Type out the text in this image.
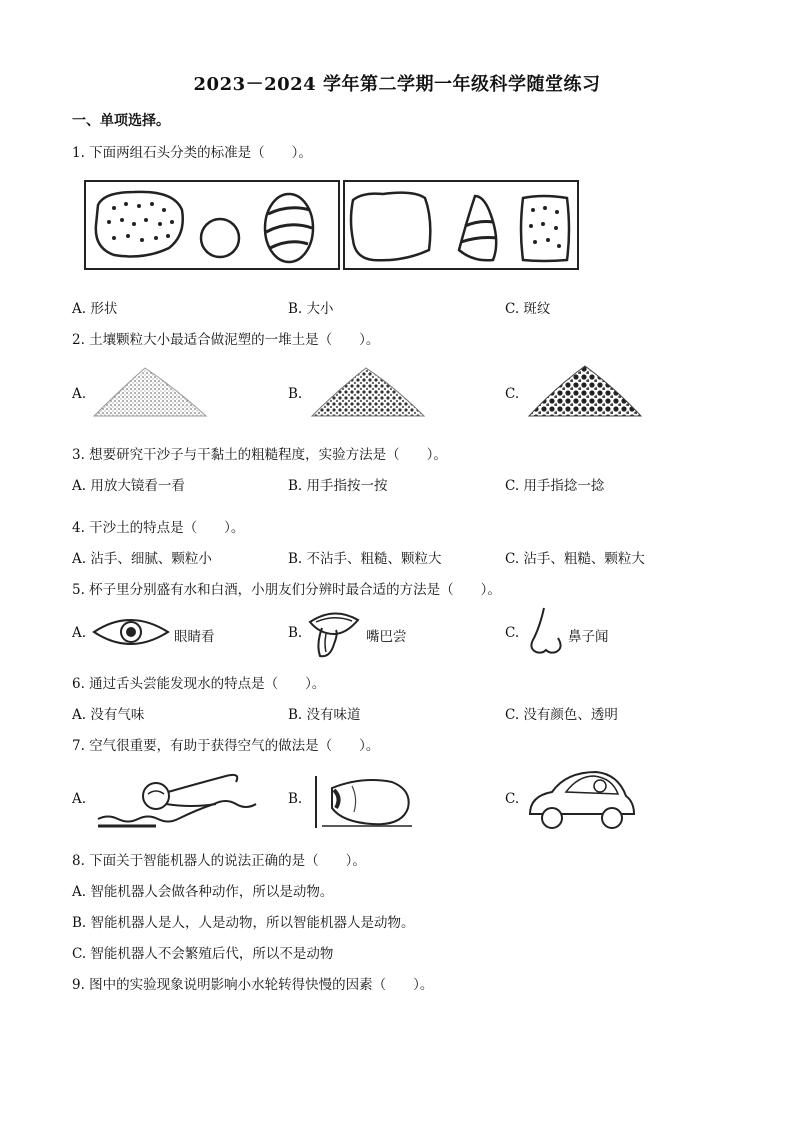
2023－2024 学年第二学期一年级科学随堂练习
一、单项选择。
1. 下面两组石头分类的标准是（　　）。
A. 形状	B. 大小	C. 斑纹
2. 土壤颗粒大小最适合做泥塑的一堆土是（　　）。
A.	B.	C.
3. 想要研究干沙子与干黏土的粗糙程度，实验方法是（　　）。
A. 用放大镜看一看	B. 用手指按一按	C. 用手指捻一捻
4. 干沙土的特点是（　　）。
A. 沾手、细腻、颗粒小	B. 不沾手、粗糙、颗粒大	C. 沾手、粗糙、颗粒大
5. 杯子里分别盛有水和白酒，小朋友们分辨时最合适的方法是（　　）。
A.	眼睛看	B.	嘴巴尝	C.	鼻子闻
6. 通过舌头尝能发现水的特点是（　　）。
A. 没有气味	B. 没有味道	C. 没有颜色、透明
7. 空气很重要，有助于获得空气的做法是（　　）。
A.	B.	C.
8. 下面关于智能机器人的说法正确的是（　　）。
A. 智能机器人会做各种动作，所以是动物。
B. 智能机器人是人，人是动物，所以智能机器人是动物。
C. 智能机器人不会繁殖后代，所以不是动物
9. 图中的实验现象说明影响小水轮转得快慢的因素（　　）。
